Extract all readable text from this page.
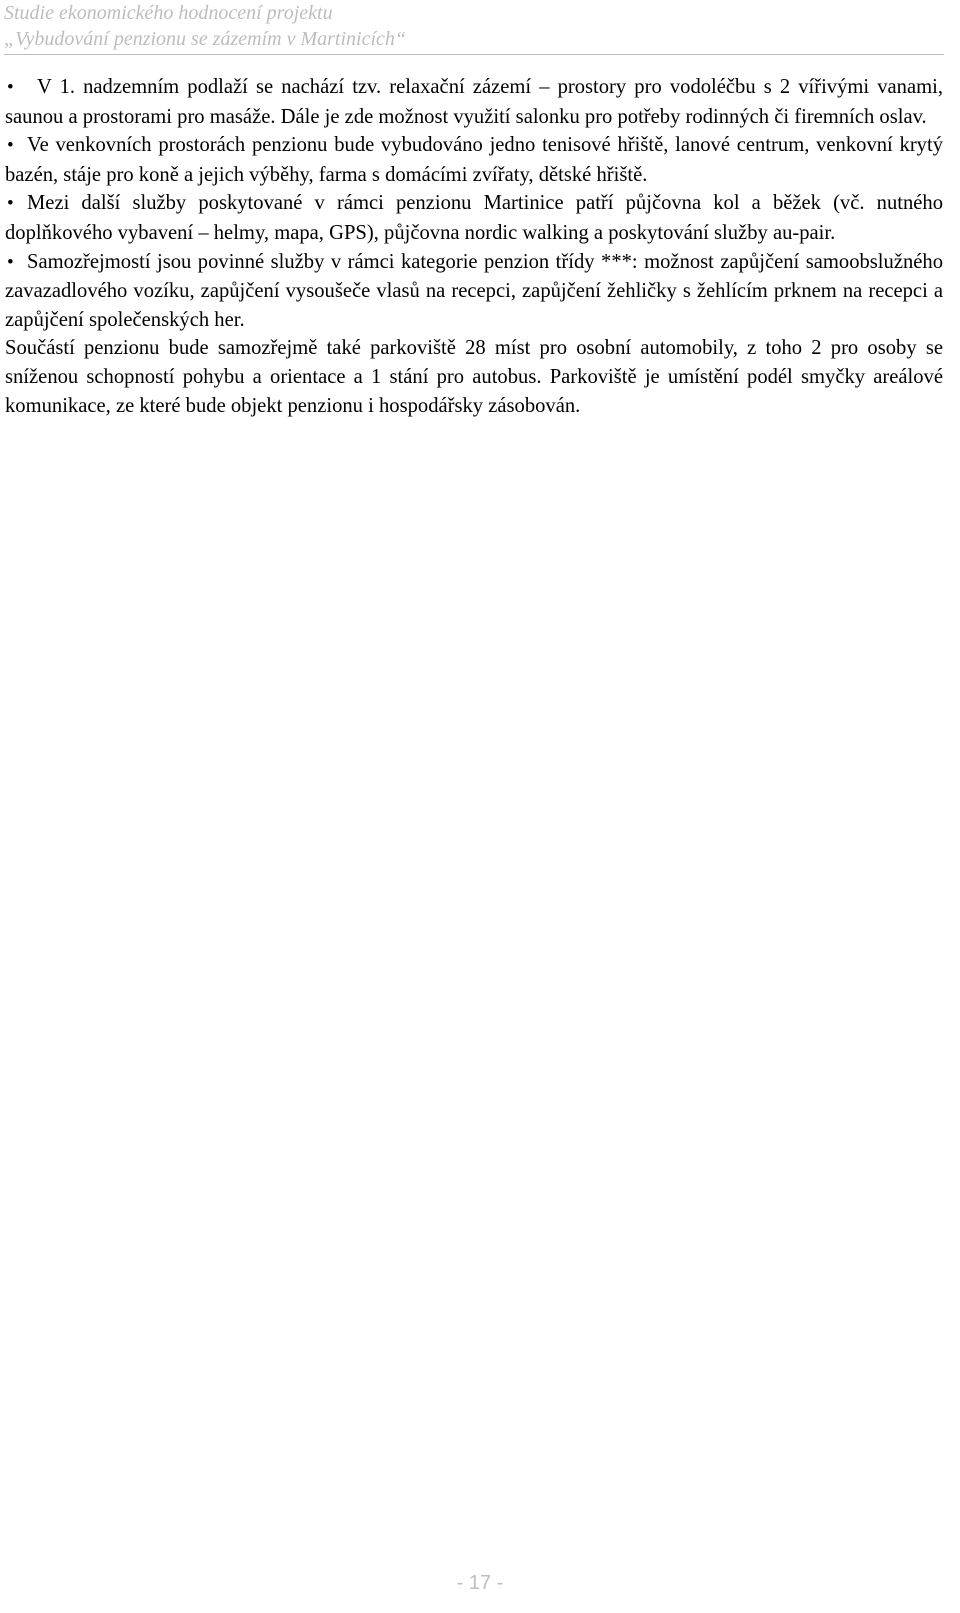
Studie ekonomického hodnocení projektu
„Vybudování penzionu se zázemím v Martinicích“

• V 1. nadzemním podlaží se nachází tzv. relaxační zázemí – prostory pro vodoléčbu s 2 vířivými vanami, saunou a prostorami pro masáže. Dále je zde možnost využití salonku pro potřeby rodinných či firemních oslav.

• Ve venkovních prostorách penzionu bude vybudováno jedno tenisové hřiště, lanové centrum, venkovní krytý bazén, stáje pro koně a jejich výběhy, farma s domácími zvířaty, dětské hřiště.

• Mezi další služby poskytované v rámci penzionu Martinice patří půjčovna kol a běžek (vč. nutného doplňkového vybavení – helmy, mapa, GPS), půjčovna nordic walking a poskytování služby au-pair.

• Samozřejmostí jsou povinné služby v rámci kategorie penzion třídy ***: možnost zapůjčení samoobslužného zavazadlového vozíku, zapůjčení vysoušeče vlasů na recepci, zapůjčení žehličky s žehlícím prknem na recepci a zapůjčení společenských her.

Součástí penzionu bude samozřejmě také parkoviště 28 míst pro osobní automobily, z toho 2 pro osoby se sníženou schopností pohybu a orientace a 1 stání pro autobus. Parkoviště je umístění podél smyčky areálové komunikace, ze které bude objekt penzionu i hospodářsky zásobován.

- 17 -
